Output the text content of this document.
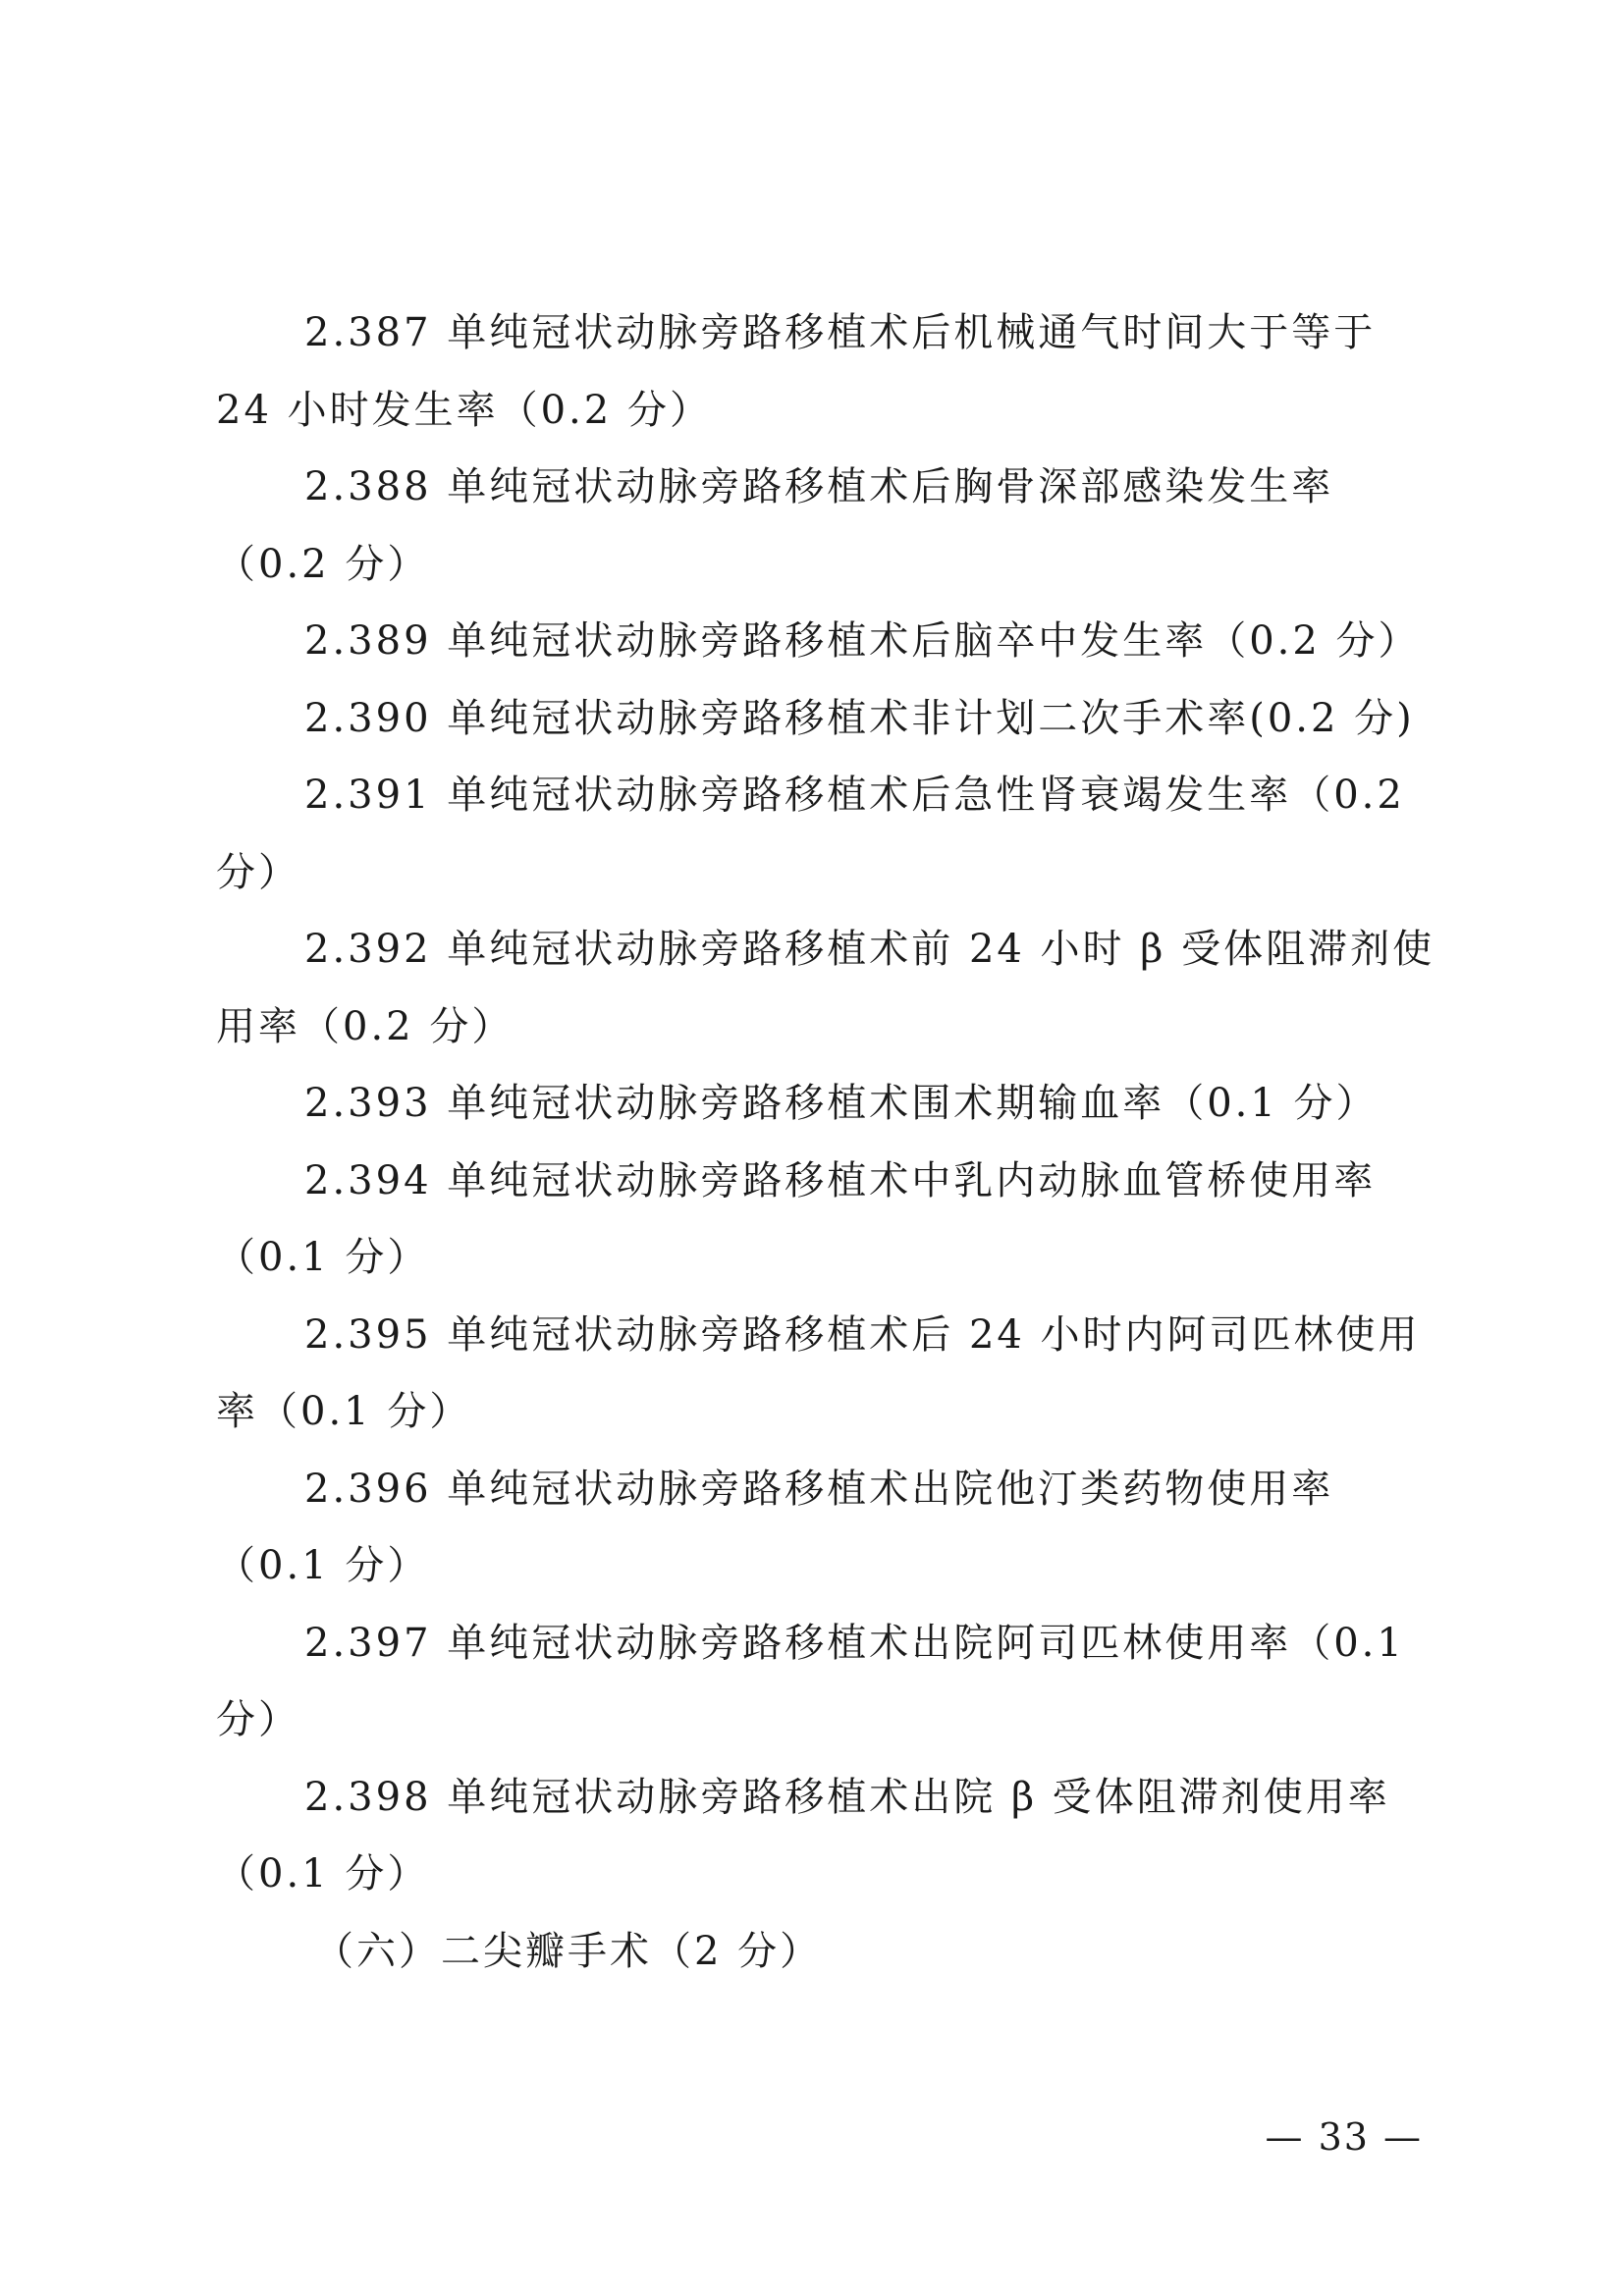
2.387 单纯冠状动脉旁路移植术后机械通气时间大于等于
24 小时发生率（0.2 分）
2.388 单纯冠状动脉旁路移植术后胸骨深部感染发生率
（0.2 分）
2.389 单纯冠状动脉旁路移植术后脑卒中发生率（0.2 分）
2.390 单纯冠状动脉旁路移植术非计划二次手术率(0.2 分)
2.391 单纯冠状动脉旁路移植术后急性肾衰竭发生率（0.2
分）
2.392 单纯冠状动脉旁路移植术前 24 小时 β 受体阻滞剂使
用率（0.2 分）
2.393 单纯冠状动脉旁路移植术围术期输血率（0.1 分）
2.394 单纯冠状动脉旁路移植术中乳内动脉血管桥使用率
（0.1 分）
2.395 单纯冠状动脉旁路移植术后 24 小时内阿司匹林使用
率（0.1 分）
2.396 单纯冠状动脉旁路移植术出院他汀类药物使用率
（0.1 分）
2.397 单纯冠状动脉旁路移植术出院阿司匹林使用率（0.1
分）
2.398 单纯冠状动脉旁路移植术出院 β 受体阻滞剂使用率
（0.1 分）
（六）二尖瓣手术（2 分）
— 33 —
